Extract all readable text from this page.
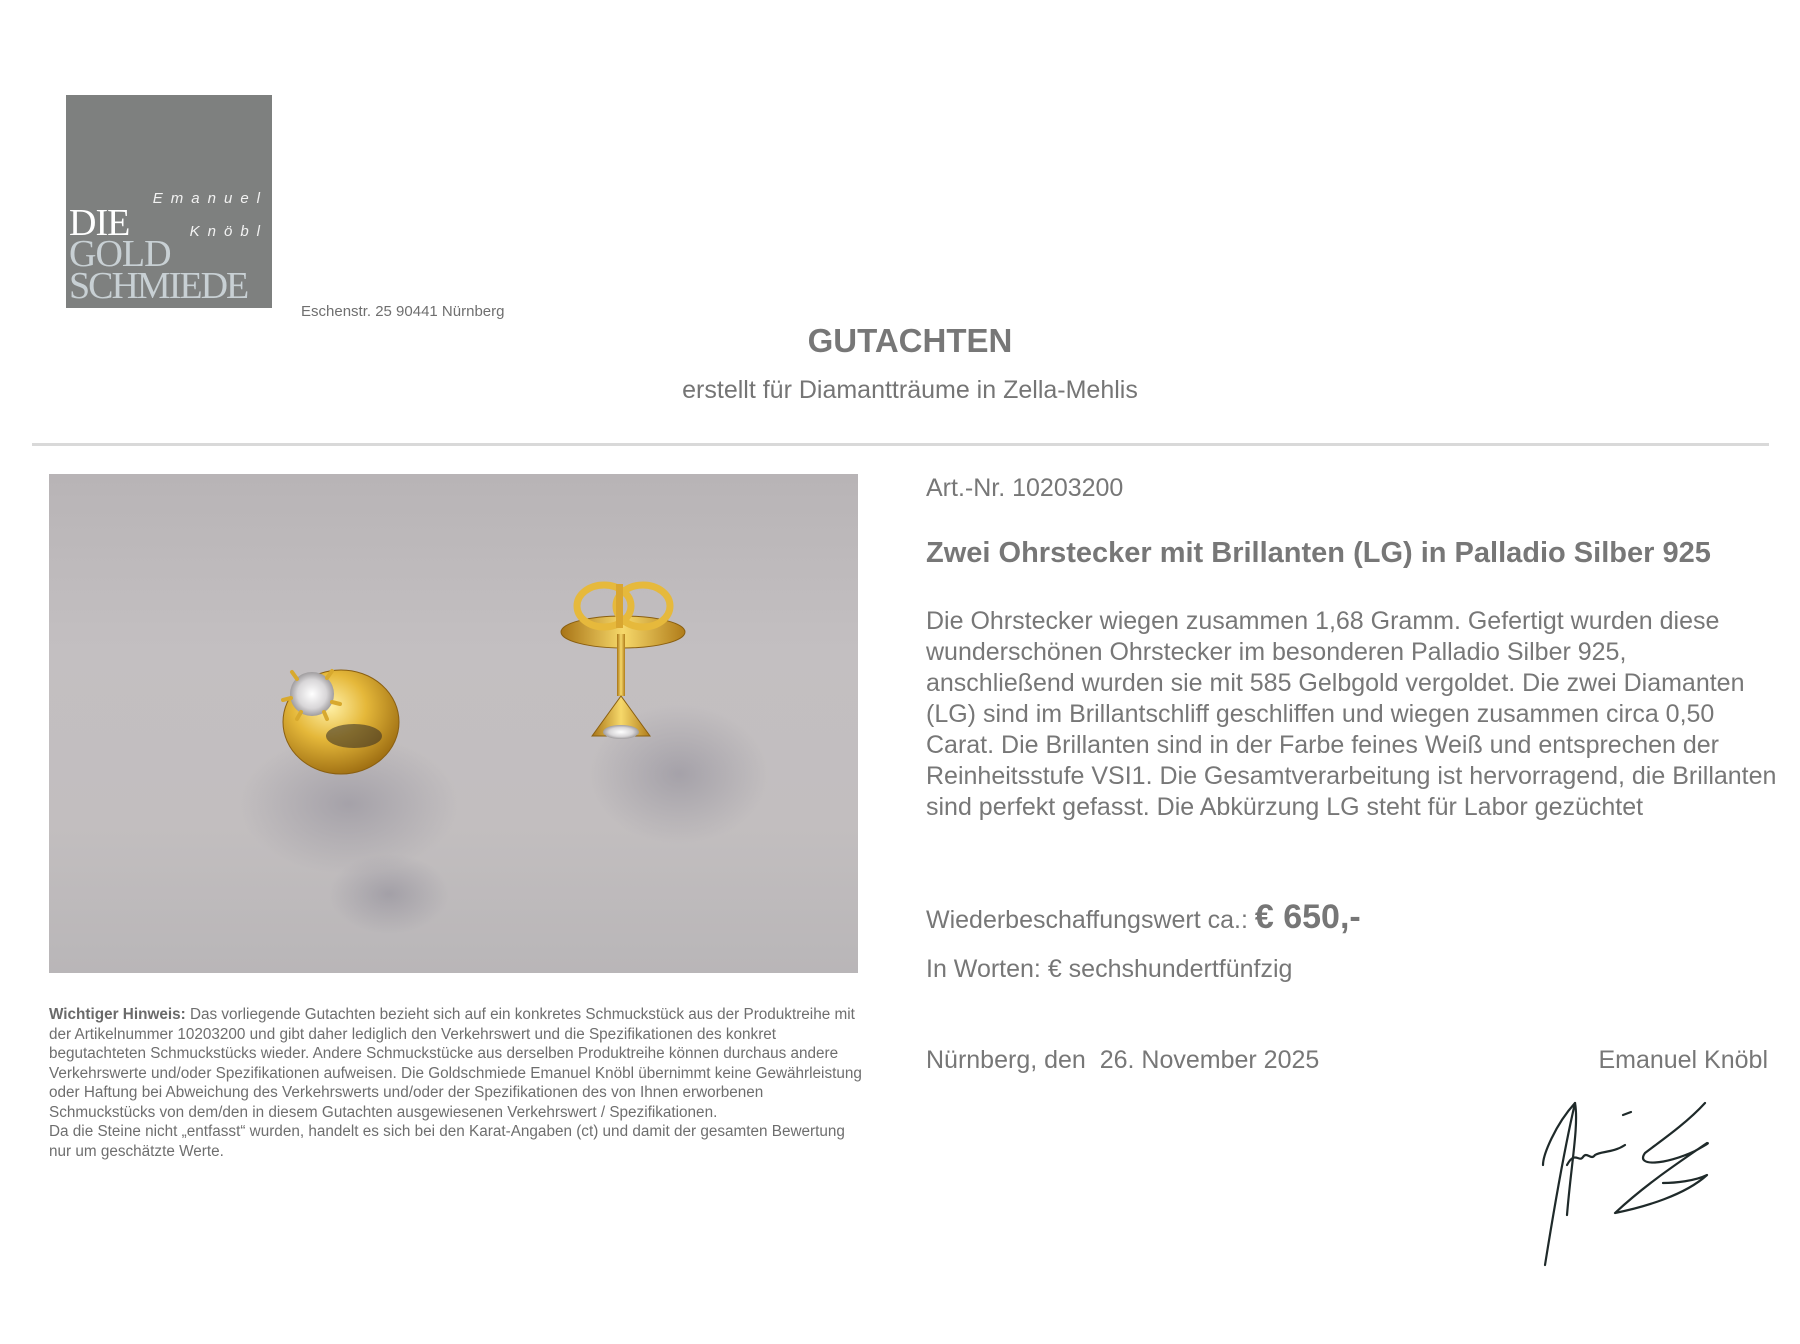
Emanuel
Knöbl
DIE
GOLD
SCHMIEDE
Eschenstr. 25 90441 Nürnberg
GUTACHTEN
erstellt für Diamantträume in Zella-Mehlis
Wichtiger Hinweis: Das vorliegende Gutachten bezieht sich auf ein konkretes Schmuckstück aus der Produktreihe mit der Artikelnummer 10203200 und gibt daher lediglich den Verkehrswert und die Spezifikationen des konkret begutachteten Schmuckstücks wieder. Andere Schmuckstücke aus derselben Produktreihe können durchaus andere Verkehrswerte und/oder Spezifikationen aufweisen. Die Goldschmiede Emanuel Knöbl übernimmt keine Gewährleistung oder Haftung bei Abweichung des Verkehrswerts und/oder der Spezifikationen des von Ihnen erworbenen Schmuckstücks von dem/den in diesem Gutachten ausgewiesenen Verkehrswert / Spezifikationen.
Da die Steine nicht „entfasst“ wurden, handelt es sich bei den Karat-Angaben (ct) und damit der gesamten Bewertung nur um geschätzte Werte.
Art.-Nr. 10203200
Zwei Ohrstecker mit Brillanten (LG) in Palladio Silber 925
Die Ohrstecker wiegen zusammen 1,68 Gramm. Gefertigt wurden diese wunderschönen Ohrstecker im besonderen Palladio Silber 925, anschließend wurden sie mit 585 Gelbgold vergoldet. Die zwei Diamanten (LG) sind im Brillantschliff geschliffen und wiegen zusammen circa 0,50 Carat. Die Brillanten sind in der Farbe feines Weiß und entsprechen der Reinheitsstufe VSI1. Die Gesamtverarbeitung ist hervorragend, die Brillanten sind perfekt gefasst. Die Abkürzung LG steht für Labor gezüchtet
Wiederbeschaffungswert ca.: € 650,-
In Worten: € sechshundertfünfzig
Nürnberg, den  26. November 2025	Emanuel Knöbl
